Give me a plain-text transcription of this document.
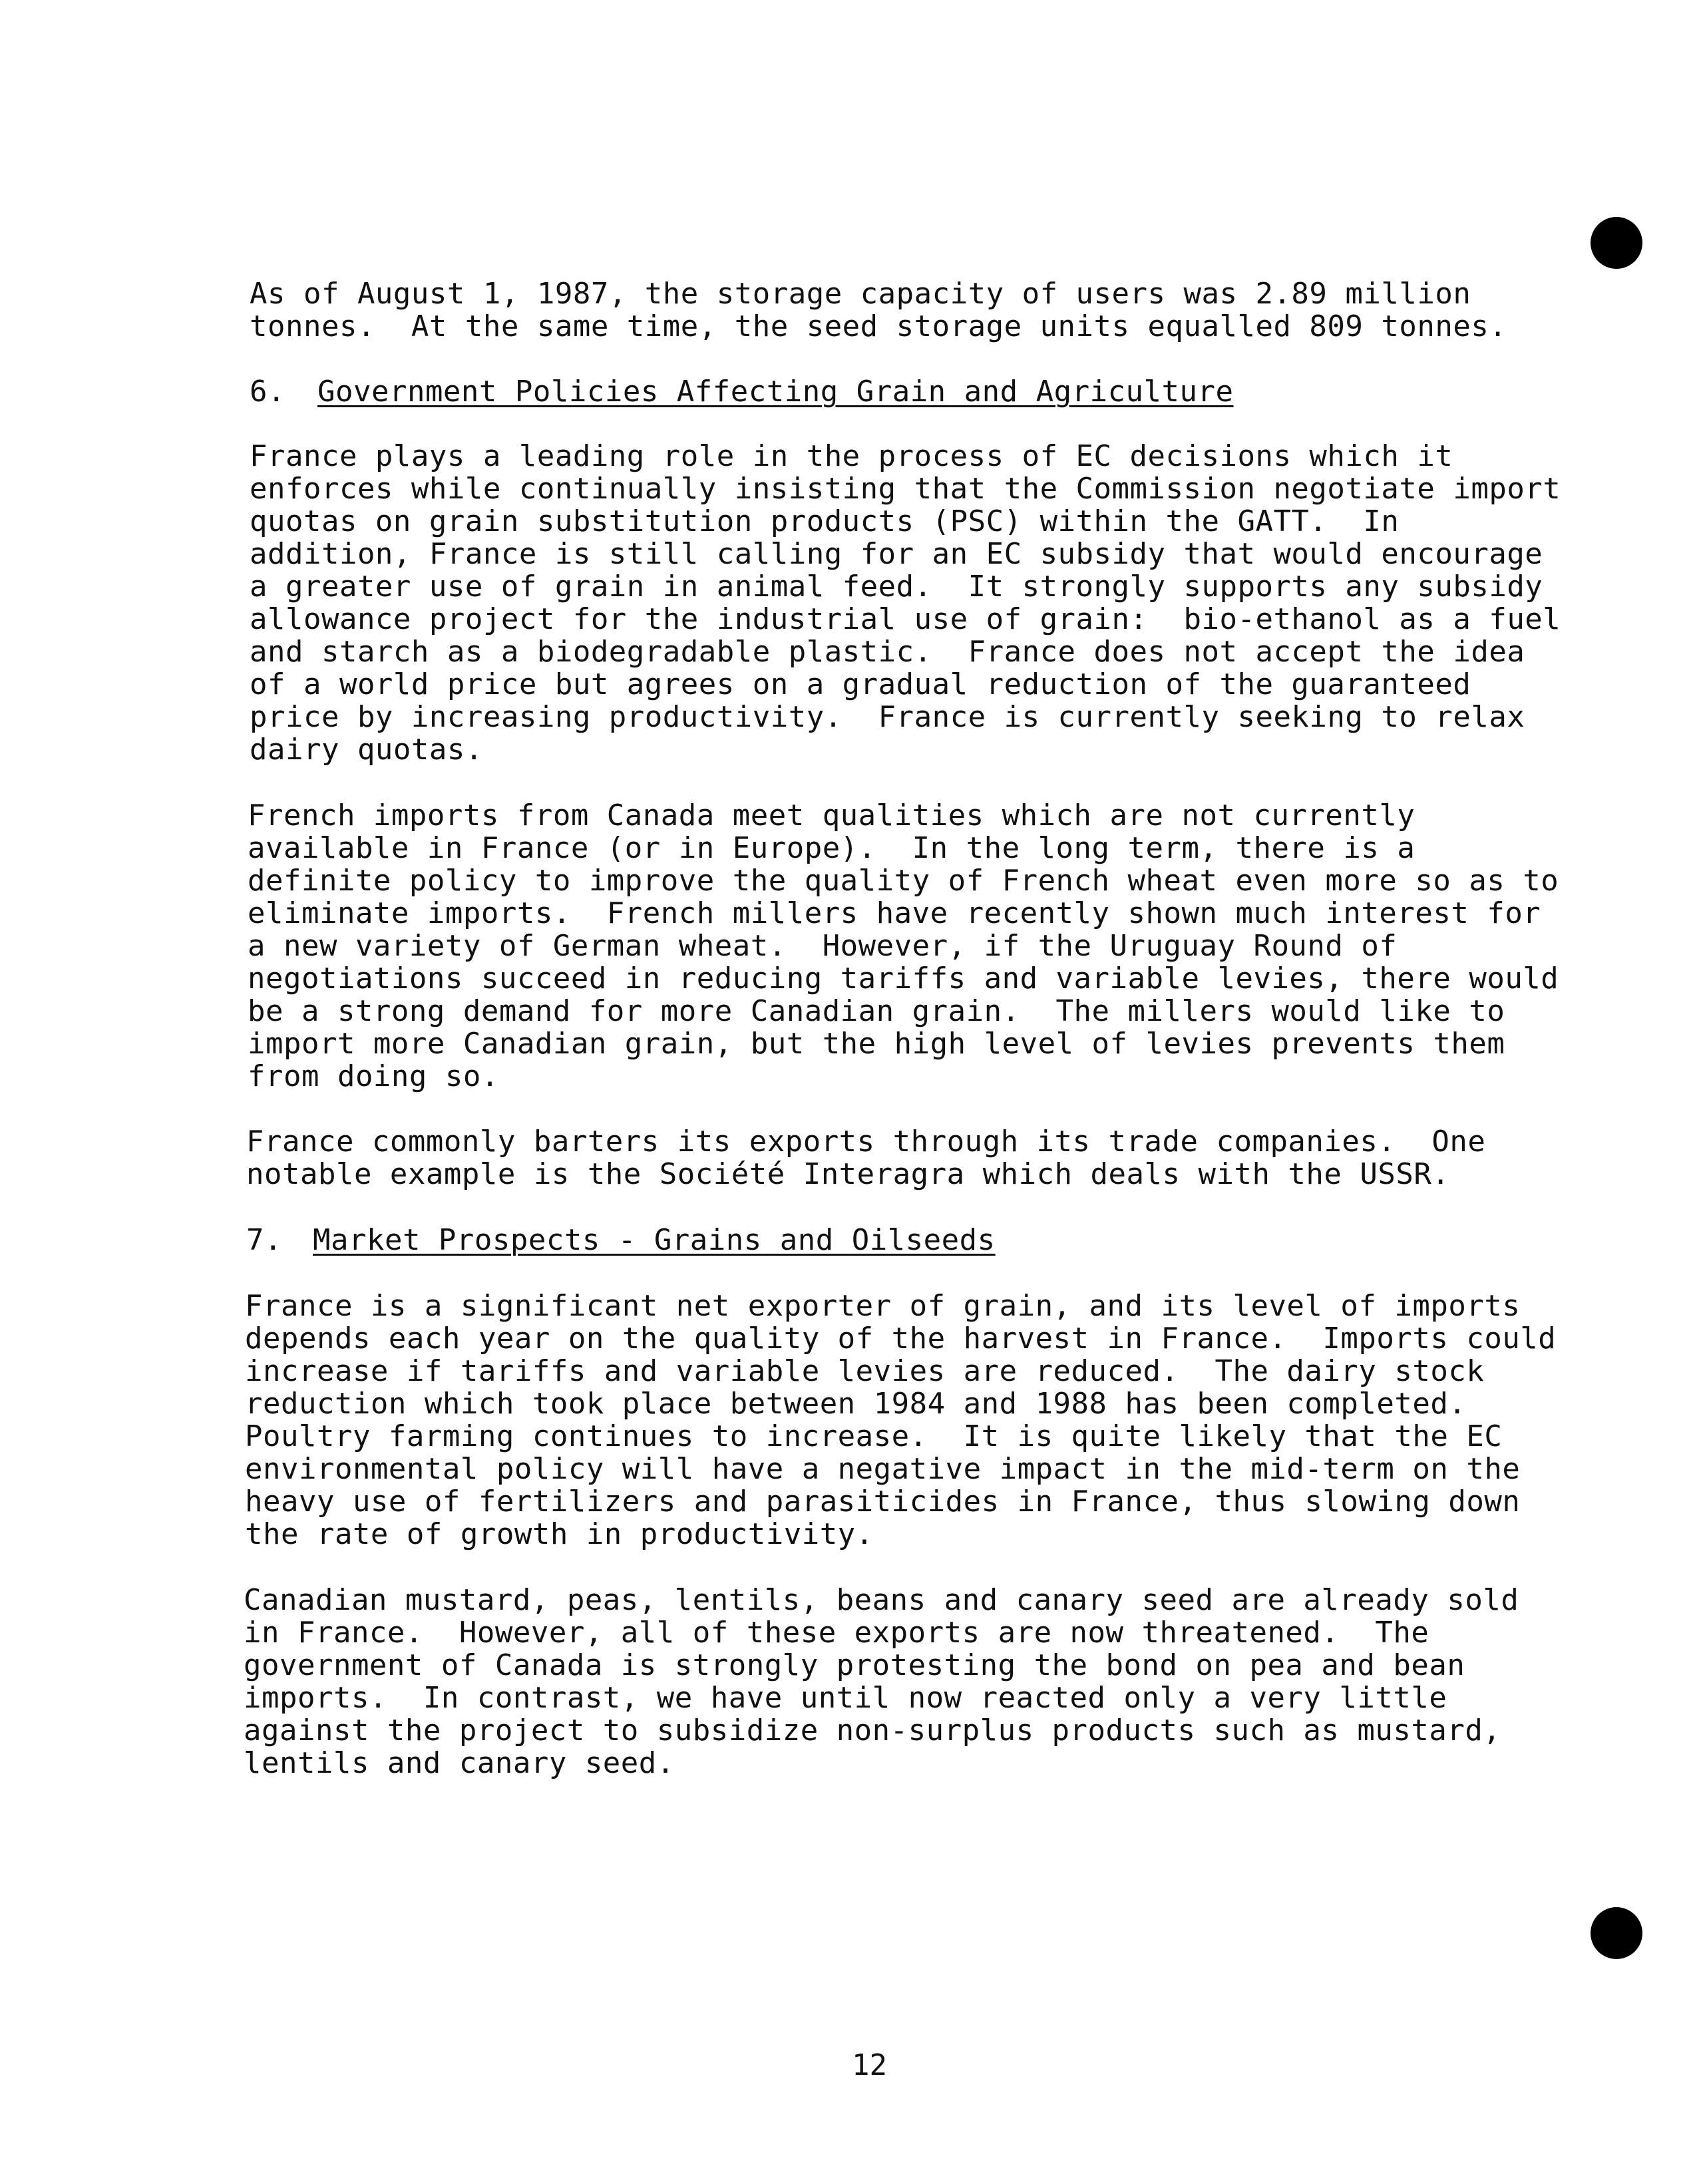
As of August 1, 1987, the storage capacity of users was 2.89 million
tonnes.  At the same time, the seed storage units equalled 809 tonnes.
6. Government Policies Affecting Grain and Agriculture
France plays a leading role in the process of EC decisions which it
enforces while continually insisting that the Commission negotiate import
quotas on grain substitution products (PSC) within the GATT.  In
addition, France is still calling for an EC subsidy that would encourage
a greater use of grain in animal feed.  It strongly supports any subsidy
allowance project for the industrial use of grain:  bio-ethanol as a fuel
and starch as a biodegradable plastic.  France does not accept the idea
of a world price but agrees on a gradual reduction of the guaranteed
price by increasing productivity.  France is currently seeking to relax
dairy quotas.
French imports from Canada meet qualities which are not currently
available in France (or in Europe).  In the long term, there is a
definite policy to improve the quality of French wheat even more so as to
eliminate imports.  French millers have recently shown much interest for
a new variety of German wheat.  However, if the Uruguay Round of
negotiations succeed in reducing tariffs and variable levies, there would
be a strong demand for more Canadian grain.  The millers would like to
import more Canadian grain, but the high level of levies prevents them
from doing so.
France commonly barters its exports through its trade companies.  One
notable example is the Société Interagra which deals with the USSR.
7. Market Prospects - Grains and Oilseeds
France is a significant net exporter of grain, and its level of imports
depends each year on the quality of the harvest in France.  Imports could
increase if tariffs and variable levies are reduced.  The dairy stock
reduction which took place between 1984 and 1988 has been completed.
Poultry farming continues to increase.  It is quite likely that the EC
environmental policy will have a negative impact in the mid-term on the
heavy use of fertilizers and parasiticides in France, thus slowing down
the rate of growth in productivity.
Canadian mustard, peas, lentils, beans and canary seed are already sold
in France.  However, all of these exports are now threatened.  The
government of Canada is strongly protesting the bond on pea and bean
imports.  In contrast, we have until now reacted only a very little
against the project to subsidize non-surplus products such as mustard,
lentils and canary seed.
12
